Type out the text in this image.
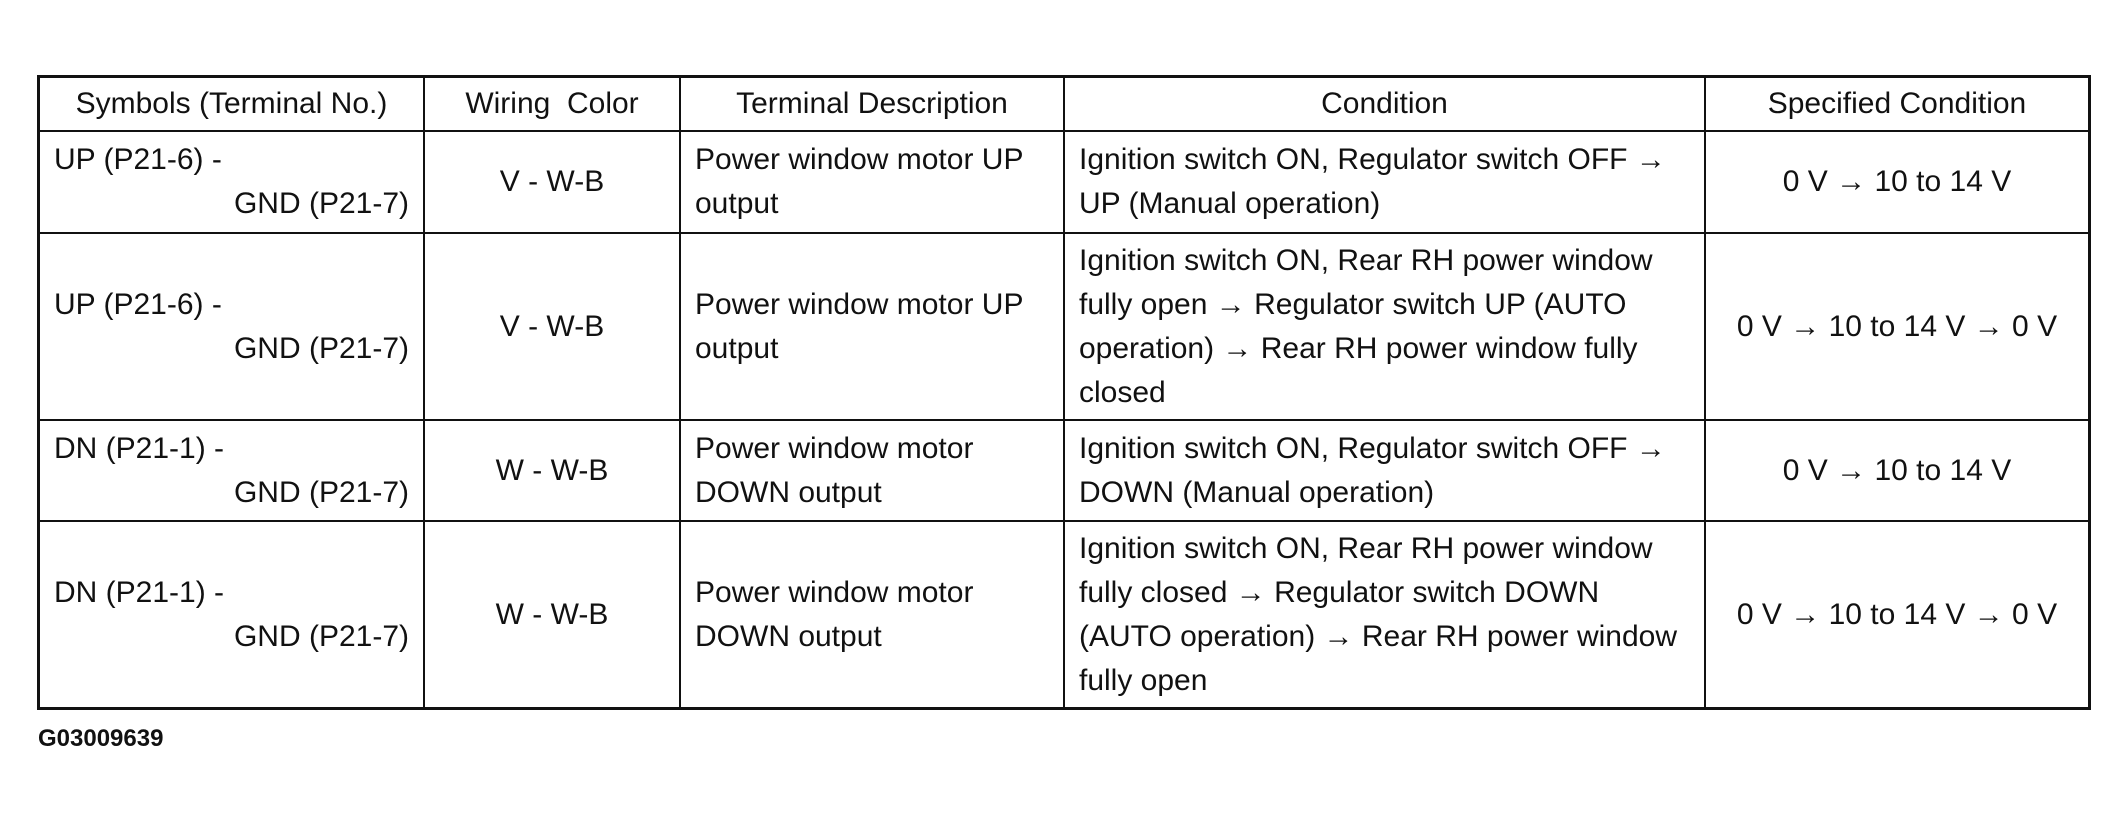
Symbols (Terminal No.)	Wiring  Color	Terminal Description	Condition	Specified Condition

UP (P21-6) -
GND (P21-7)	V - W-B	Power window motor UP output	Ignition switch ON, Regulator switch OFF → UP (Manual operation)	0 V → 10 to 14 V

UP (P21-6) -
GND (P21-7)	V - W-B	Power window motor UP output	Ignition switch ON, Rear RH power window fully open → Regulator switch UP (AUTO operation) → Rear RH power window fully closed	0 V → 10 to 14 V → 0 V

DN (P21-1) -
GND (P21-7)	W - W-B	Power window motor DOWN output	Ignition switch ON, Regulator switch OFF → DOWN (Manual operation)	0 V → 10 to 14 V

DN (P21-1) -
GND (P21-7)	W - W-B	Power window motor DOWN output	Ignition switch ON, Rear RH power window fully closed → Regulator switch DOWN (AUTO operation) → Rear RH power window fully open	0 V → 10 to 14 V → 0 V
G03009639
